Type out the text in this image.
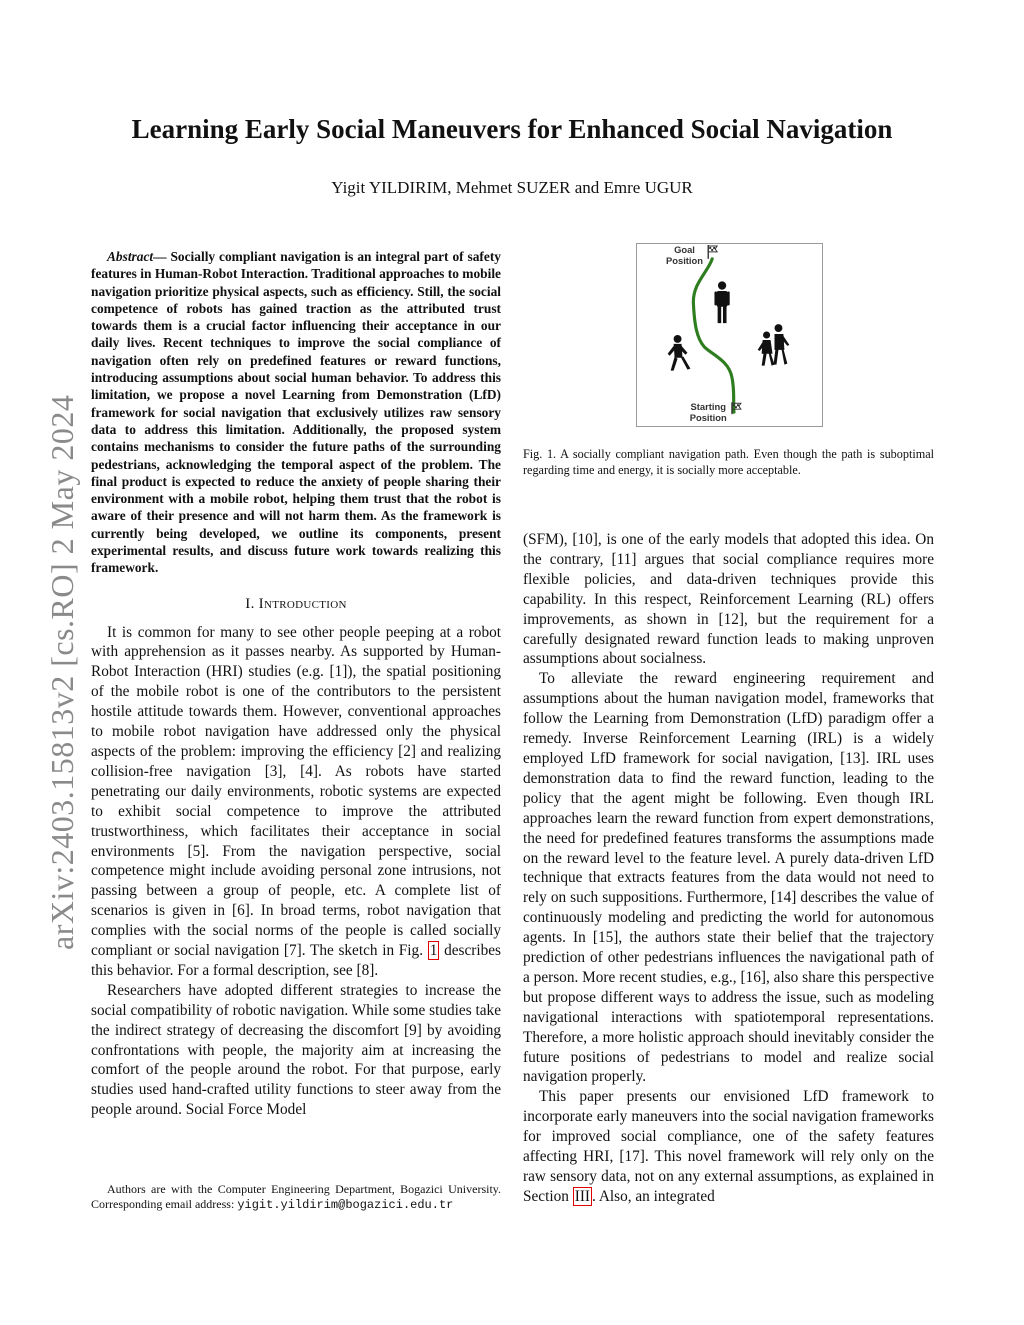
arXiv:2403.15813v2 [cs.RO] 2 May 2024
Learning Early Social Maneuvers for Enhanced Social Navigation
Yigit YILDIRIM, Mehmet SUZER and Emre UGUR

Abstract— Socially compliant navigation is an integral part of safety features in Human-Robot Interaction. Traditional approaches to mobile navigation prioritize physical aspects, such as efficiency. Still, the social competence of robots has gained traction as the attributed trust towards them is a crucial factor influencing their acceptance in our daily lives. Recent techniques to improve the social compliance of navigation often rely on predefined features or reward functions, introducing assumptions about social human behavior. To address this limitation, we propose a novel Learning from Demonstration (LfD) framework for social navigation that exclusively utilizes raw sensory data to address this limitation. Additionally, the proposed system contains mechanisms to consider the future paths of the surrounding pedestrians, acknowledging the temporal aspect of the problem. The final product is expected to reduce the anxiety of people sharing their environment with a mobile robot, helping them trust that the robot is aware of their presence and will not harm them. As the framework is currently being developed, we outline its components, present experimental results, and discuss future work towards realizing this framework.

I. Introduction

It is common for many to see other people peeping at a robot with apprehension as it passes nearby. As supported by Human-Robot Interaction (HRI) studies (e.g. [1]), the spatial positioning of the mobile robot is one of the contributors to the persistent hostile attitude towards them. However, conventional approaches to mobile robot navigation have addressed only the physical aspects of the problem: improving the efficiency [2] and realizing collision-free navigation [3], [4]. As robots have started penetrating our daily environments, robotic systems are expected to exhibit social competence to improve the attributed trustworthiness, which facilitates their acceptance in social environments [5]. From the navigation perspective, social competence might include avoiding personal zone intrusions, not passing between a group of people, etc. A complete list of scenarios is given in [6]. In broad terms, robot navigation that complies with the social norms of the people is called socially compliant or social navigation [7]. The sketch in Fig. 1 describes this behavior. For a formal description, see [8].

Researchers have adopted different strategies to increase the social compatibility of robotic navigation. While some studies take the indirect strategy of decreasing the discomfort [9] by avoiding confrontations with people, the majority aim at increasing the comfort of the people around the robot. For that purpose, early studies used hand-crafted utility functions to steer away from the people around. Social Force Model

Authors are with the Computer Engineering Department, Bogazici University. Corresponding email address: yigit.yildirim@bogazici.edu.tr
Goal
Position
Starting
Position
Fig. 1. A socially compliant navigation path. Even though the path is suboptimal regarding time and energy, it is socially more acceptable.

(SFM), [10], is one of the early models that adopted this idea. On the contrary, [11] argues that social compliance requires more flexible policies, and data-driven techniques provide this capability. In this respect, Reinforcement Learning (RL) offers improvements, as shown in [12], but the requirement for a carefully designated reward function leads to making unproven assumptions about socialness.

To alleviate the reward engineering requirement and assumptions about the human navigation model, frameworks that follow the Learning from Demonstration (LfD) paradigm offer a remedy. Inverse Reinforcement Learning (IRL) is a widely employed LfD framework for social navigation, [13]. IRL uses demonstration data to find the reward function, leading to the policy that the agent might be following. Even though IRL approaches learn the reward function from expert demonstrations, the need for predefined features transforms the assumptions made on the reward level to the feature level. A purely data-driven LfD technique that extracts features from the data would not need to rely on such suppositions. Furthermore, [14] describes the value of continuously modeling and predicting the world for autonomous agents. In [15], the authors state their belief that the trajectory prediction of other pedestrians influences the navigational path of a person. More recent studies, e.g., [16], also share this perspective but propose different ways to address the issue, such as modeling navigational interactions with spatiotemporal representations. Therefore, a more holistic approach should inevitably consider the future positions of pedestrians to model and realize social navigation properly.

This paper presents our envisioned LfD framework to incorporate early maneuvers into the social navigation frameworks for improved social compliance, one of the safety features affecting HRI, [17]. This novel framework will rely only on the raw sensory data, not on any external assumptions, as explained in Section III . Also, an integrated
